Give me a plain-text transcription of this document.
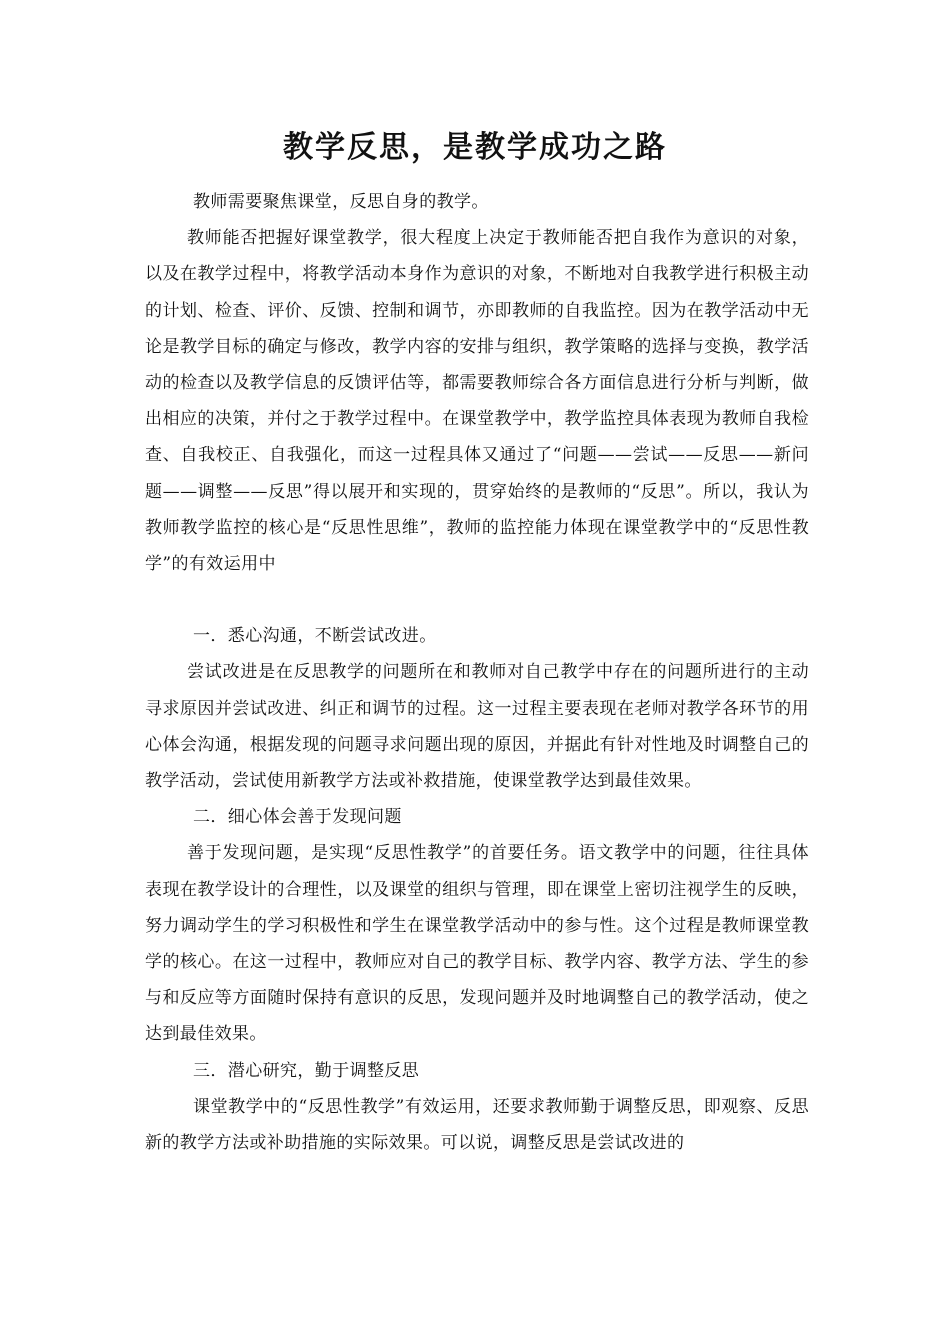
教学反思，是教学成功之路

教师需要聚焦课堂，反思自身的教学。

教师能否把握好课堂教学，很大程度上决定于教师能否把自我作为意识的对象，以及在教学过程中，将教学活动本身作为意识的对象，不断地对自我教学进行积极主动的计划、检查、评价、反馈、控制和调节，亦即教师的自我监控。因为在教学活动中无论是教学目标的确定与修改，教学内容的安排与组织，教学策略的选择与变换，教学活动的检查以及教学信息的反馈评估等，都需要教师综合各方面信息进行分析与判断，做出相应的决策，并付之于教学过程中。在课堂教学中，教学监控具体表现为教师自我检查、自我校正、自我强化，而这一过程具体又通过了“问题——尝试——反思——新问题——调整——反思”得以展开和实现的，贯穿始终的是教师的“反思”。所以，我认为教师教学监控的核心是“反思性思维”，教师的监控能力体现在课堂教学中的“反思性教学”的有效运用中

一．悉心沟通，不断尝试改进。

尝试改进是在反思教学的问题所在和教师对自己教学中存在的问题所进行的主动寻求原因并尝试改进、纠正和调节的过程。这一过程主要表现在老师对教学各环节的用心体会沟通，根据发现的问题寻求问题出现的原因，并据此有针对性地及时调整自己的教学活动，尝试使用新教学方法或补救措施，使课堂教学达到最佳效果。

二．细心体会善于发现问题

善于发现问题，是实现“反思性教学”的首要任务。语文教学中的问题，往往具体表现在教学设计的合理性，以及课堂的组织与管理，即在课堂上密切注视学生的反映，努力调动学生的学习积极性和学生在课堂教学活动中的参与性。这个过程是教师课堂教学的核心。在这一过程中，教师应对自己的教学目标、教学内容、教学方法、学生的参与和反应等方面随时保持有意识的反思，发现问题并及时地调整自己的教学活动，使之达到最佳效果。

三．潜心研究，勤于调整反思

课堂教学中的“反思性教学”有效运用，还要求教师勤于调整反思，即观察、反思新的教学方法或补助措施的实际效果。可以说，调整反思是尝试改进的
